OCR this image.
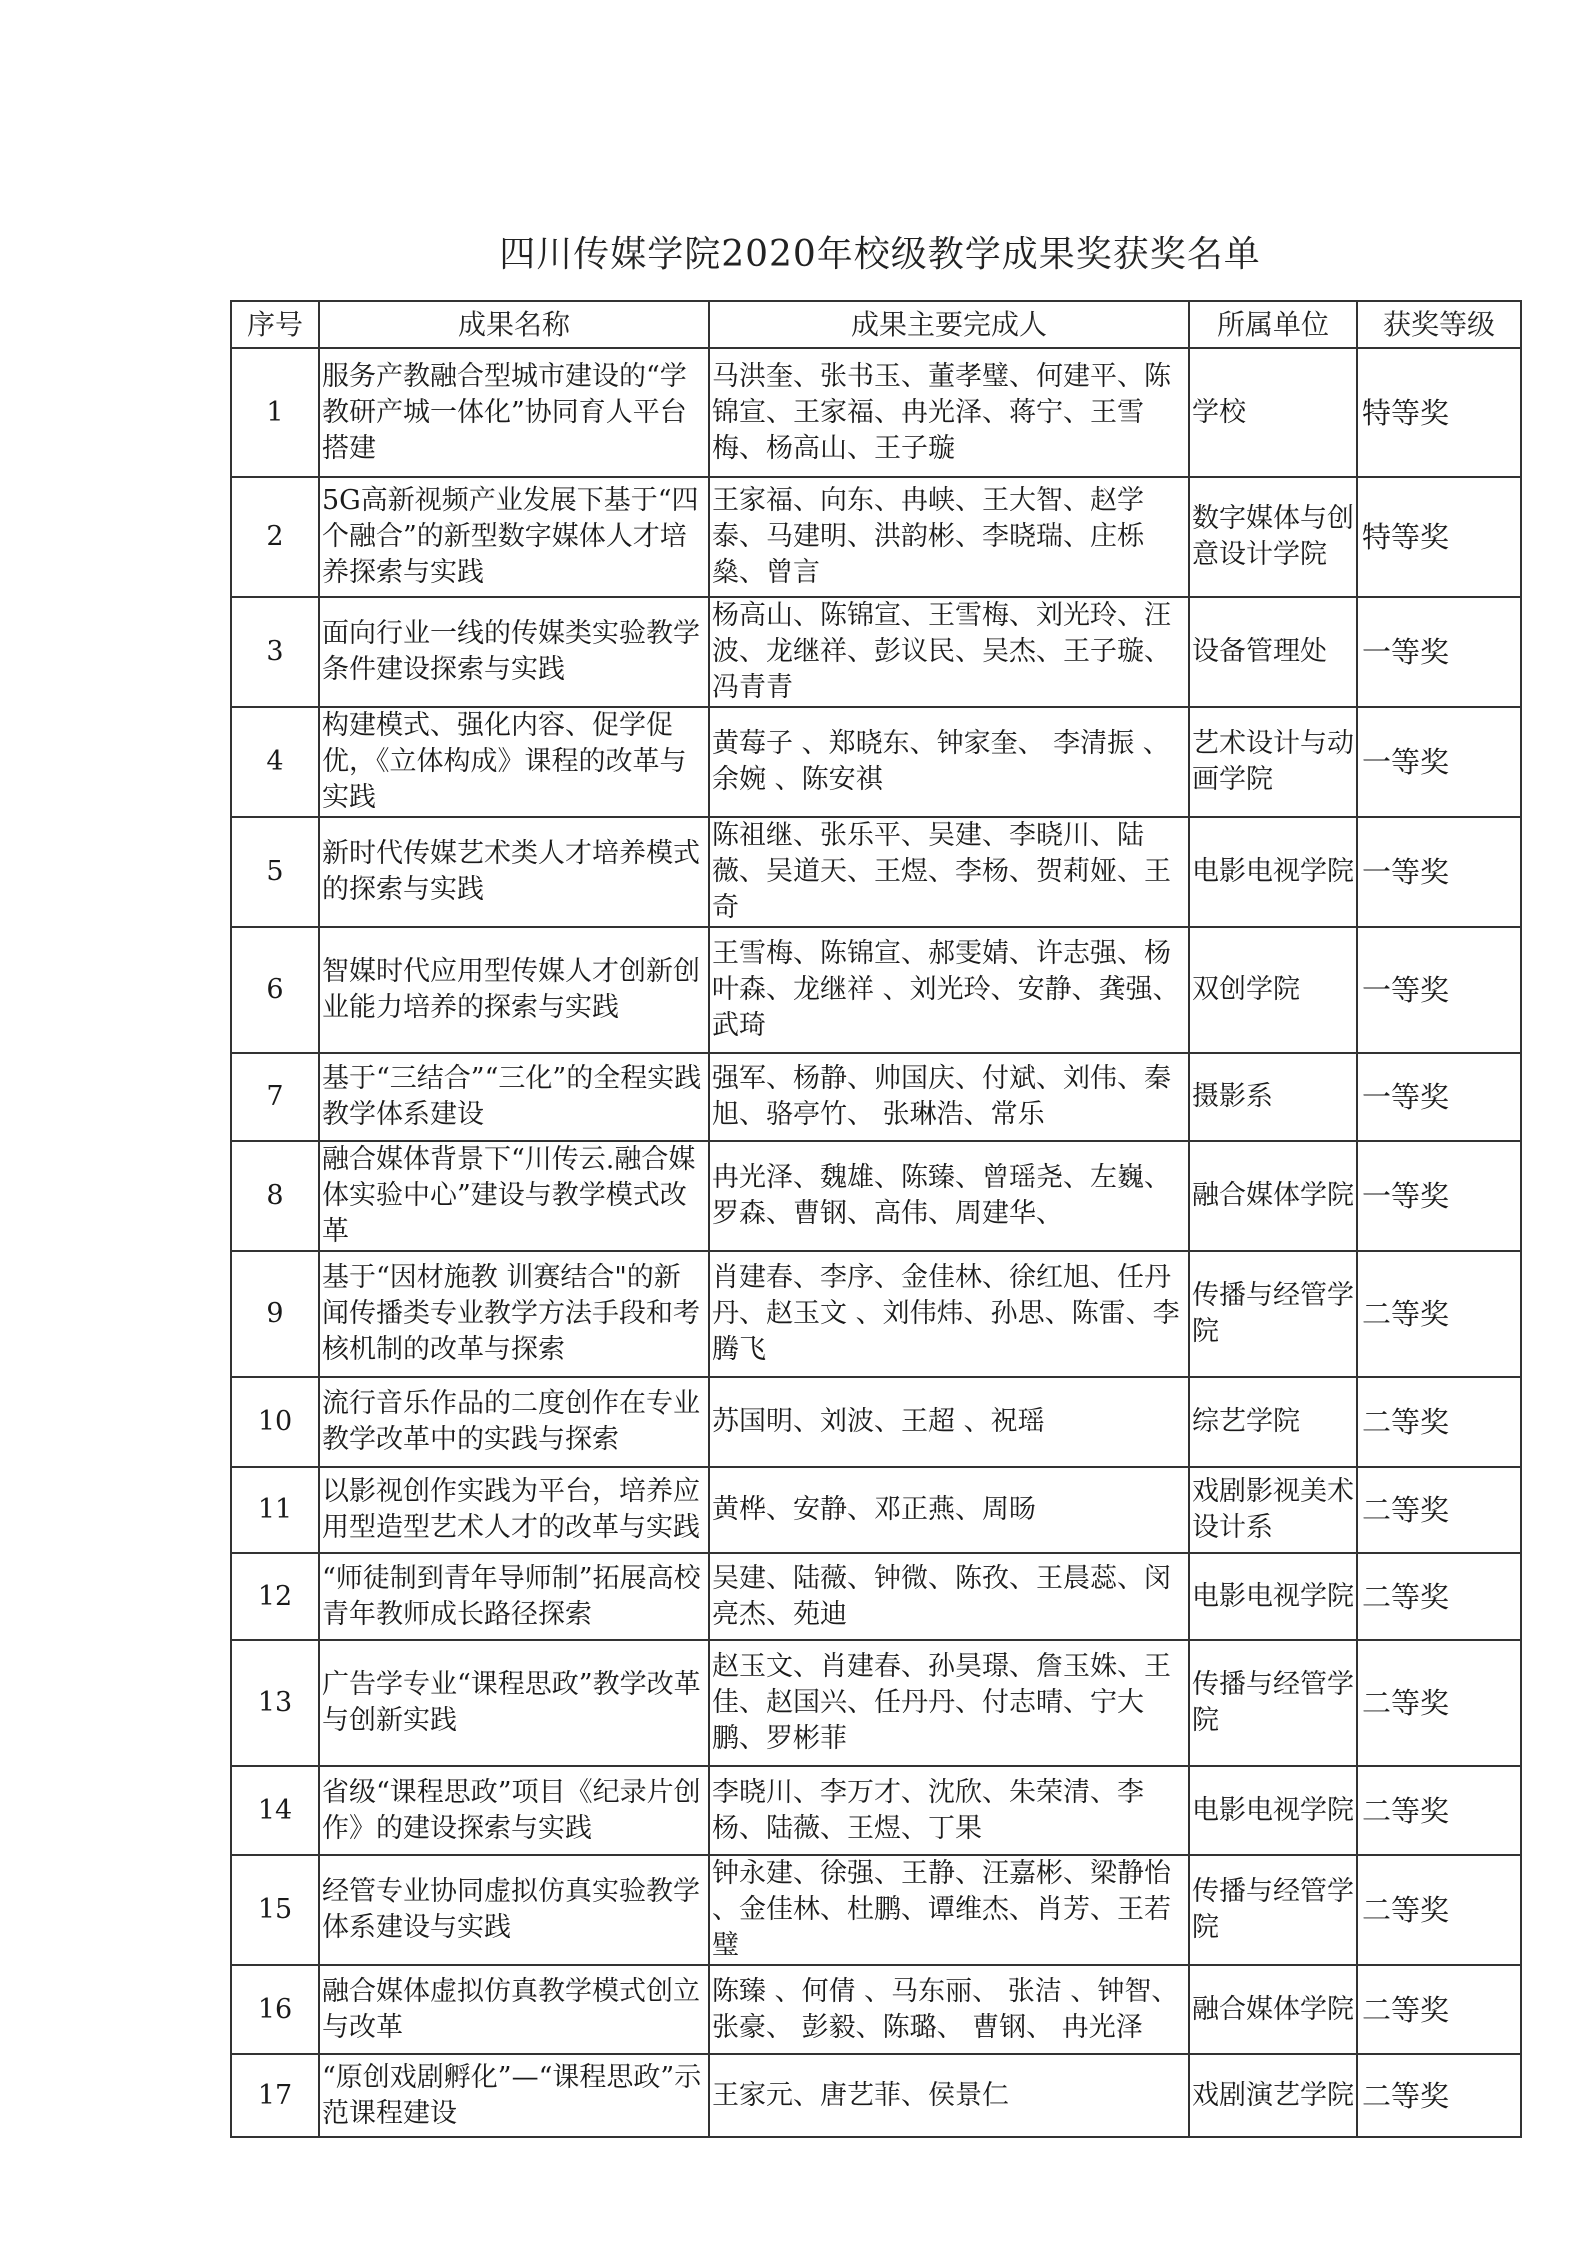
四川传媒学院2020年校级教学成果奖获奖名单
序号	成果名称	成果主要完成人	所属单位	获奖等级
1	服务产教融合型城市建设的“学教研产城一体化”协同育人平台搭建	马洪奎、张书玉、董孝璧、何建平、陈锦宣、王家福、冉光泽、蒋宁、王雪梅、杨高山、王子璇	学校	特等奖
2	5G高新视频产业发展下基于“四个融合”的新型数字媒体人才培养探索与实践	王家福、向东、冉峡、王大智、赵学泰、马建明、洪韵彬、李晓瑞、庄栎燊、曾言	数字媒体与创意设计学院	特等奖
3	面向行业一线的传媒类实验教学条件建设探索与实践	杨高山、陈锦宣、王雪梅、刘光玲、汪波、龙继祥、彭议民、吴杰、王子璇、冯青青	设备管理处	一等奖
4	构建模式、强化内容、促学促优，《立体构成》课程的改革与实践	黄莓子 、郑晓东、钟家奎、 李清振 、余婉 、陈安祺	艺术设计与动画学院	一等奖
5	新时代传媒艺术类人才培养模式的探索与实践	陈祖继、张乐平、吴建、李晓川、陆薇、吴道天、王煜、李杨、贺莉娅、王奇	电影电视学院	一等奖
6	智媒时代应用型传媒人才创新创业能力培养的探索与实践	王雪梅、陈锦宣、郝雯婧、许志强、杨叶森、龙继祥 、刘光玲、安静、龚强、武琦	双创学院	一等奖
7	基于“三结合”“三化”的全程实践教学体系建设	强军、杨静、帅国庆、付斌、刘伟、秦旭、骆亭竹、 张琳浩、常乐	摄影系	一等奖
8	融合媒体背景下“川传云.融合媒体实验中心”建设与教学模式改革	冉光泽、魏雄、陈臻、曾瑶尧、左巍、罗森、曹钢、高伟、周建华、	融合媒体学院	一等奖
9	基于“因材施教 训赛结合"的新闻传播类专业教学方法手段和考核机制的改革与探索	肖建春、李序、金佳林、徐红旭、任丹丹、赵玉文 、刘伟炜、孙思、陈雷、李腾飞	传播与经管学院	二等奖
10	流行音乐作品的二度创作在专业教学改革中的实践与探索	苏国明、刘波、王超 、祝瑶	综艺学院	二等奖
11	以影视创作实践为平台，培养应用型造型艺术人才的改革与实践	黄桦、安静、邓正燕、周旸	戏剧影视美术设计系	二等奖
12	“师徒制到青年导师制”拓展高校青年教师成长路径探索	吴建、陆薇、钟微、陈孜、王晨蕊、闵亮杰、苑迪	电影电视学院	二等奖
13	广告学专业“课程思政”教学改革与创新实践	赵玉文、肖建春、孙昊璟、詹玉姝、王佳、赵国兴、任丹丹、付志晴、宁大鹏、罗彬菲	传播与经管学院	二等奖
14	省级“课程思政”项目《纪录片创作》的建设探索与实践	李晓川、李万才、沈欣、朱荣清、李杨、陆薇、王煜、丁果	电影电视学院	二等奖
15	经管专业协同虚拟仿真实验教学体系建设与实践	钟永建、徐强、王静、汪嘉彬、梁静怡 、金佳林、杜鹏、谭维杰、肖芳、王若璧	传播与经管学院	二等奖
16	融合媒体虚拟仿真教学模式创立与改革	陈臻 、何倩 、马东丽、 张洁 、钟智、张豪、 彭毅、陈璐、 曹钢、 冉光泽	融合媒体学院	二等奖
17	“原创戏剧孵化”—“课程思政”示范课程建设	王家元、唐艺菲、侯景仁	戏剧演艺学院	二等奖
